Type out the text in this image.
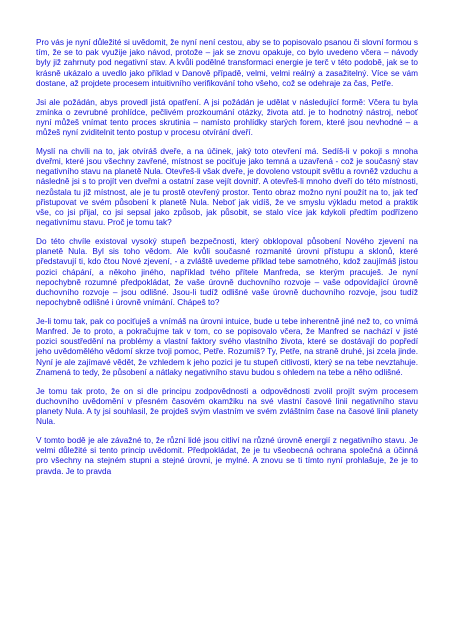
Pro vás je nyní důležité si uvědomit, že nyní není cestou, aby se to popisovalo psanou či slovní formou s tím, že se to pak využije jako návod, protože – jak se znovu opakuje, co bylo uvedeno včera – návody byly již zahrnuty pod negativní stav. A kvůli podělné transformaci energie je terč v této podobě, jak se to krásně ukázalo a uvedlo jako příklad v Danově případě, velmi, velmi reálný a zasažitelný. Více se vám dostane, až projdete procesem intuitivního verifikování toho všeho, což se odehraje za čas, Petře.

Jsi ale požádán, abys provedl jistá opatření. A jsi požádán je udělat v následující formě: Včera tu byla zmínka o zevrubné prohlídce, pečlivém prozkoumání otázky, života atd. je to hodnotný nástroj, neboť nyní můžeš vnímat tento proces skrutinia – namísto prohlídky starých forem, které jsou nevhodné – a můžeš nyní zviditelnit tento postup v procesu otvírání dveří.

Myslí na chvíli na to, jak otvíráš dveře, a na účinek, jaký toto otevření má. Sedíš-li v pokoji s mnoha dveřmi, které jsou všechny zavřené, místnost se pociťuje jako temná a uzavřená - což je současný stav negativního stavu na planetě Nula. Otevřeš-li však dveře, je dovoleno vstoupit světlu a rovněž vzduchu a následně jsi s to projít ven dveřmi a ostatní zase vejít dovnitř. A otevřeš-li mnoho dveří do této místnosti, nezůstala tu již místnost, ale je tu prostě otevřený prostor. Tento obraz možno nyní použít na to, jak teď přistupovat ve svém působení k planetě Nula. Neboť jak vidíš, že ve smyslu výkladu metod a praktik vše, co jsi přijal, co jsi sepsal jako způsob, jak působit, se stalo více jak kdykoli předtím podřízeno negativnímu stavu. Proč je tomu tak?

Do této chvíle existoval vysoký stupeň bezpečnosti, který obklopoval působení Nového zjevení na planetě Nula. Byl sis toho vědom. Ale kvůli současné rozmanité úrovni přístupu a sklonů, které představují ti, kdo čtou Nové zjevení, - a zvláště uvedeme příklad tebe samotného, kdož zaujímáš jistou pozici chápání, a někoho jiného, například tvého přítele Manfreda, se kterým pracuješ. Je nyní nepochybně rozumné předpokládat, že vaše úrovně duchovního rozvoje – vaše odpovídající úrovně duchovního rozvoje – jsou odlišné. Jsou-li tudíž odlišné vaše úrovně duchovního rozvoje, jsou tudíž nepochybně odlišné i úrovně vnímání. Chápeš to?

Je-li tomu tak, pak co pociťuješ a vnímáš na úrovni intuice, bude u tebe inherentně jiné než to, co vnímá Manfred. Je to proto, a pokračujme tak v tom, co se popisovalo včera, že Manfred se nachází v jisté pozici soustředění na problémy a vlastní faktory svého vlastního života, které se dostávají do popředí jeho uvědomělého vědomí skrze tvoji pomoc, Petře. Rozumíš? Ty, Petře, na straně druhé, jsi zcela jinde. Nyní je ale zajímavé vědět, že vzhledem k jeho pozici je tu stupeň citlivosti, který se na tebe nevztahuje. Znamená to tedy, že působení a nátlaky negativního stavu budou s ohledem na tebe a něho odlišné.

Je tomu tak proto, že on si dle principu zodpovědnosti a odpovědnosti zvolil projít svým procesem duchovního uvědomění v přesném časovém okamžiku na své vlastní časové linii negativního stavu planety Nula. A ty jsi souhlasil, že projdeš svým vlastním ve svém zvláštním čase na časové linii planety Nula.

V tomto bodě je ale závažné to, že různí lidé jsou citliví na různé úrovně energií z negativního stavu. Je velmi důležité si tento princip uvědomit. Předpokládat, že je tu všeobecná ochrana společná a účinná pro všechny na stejném stupni a stejné úrovni, je mylné. A znovu se ti tímto nyní prohlašuje, že je to pravda. Je to pravda
